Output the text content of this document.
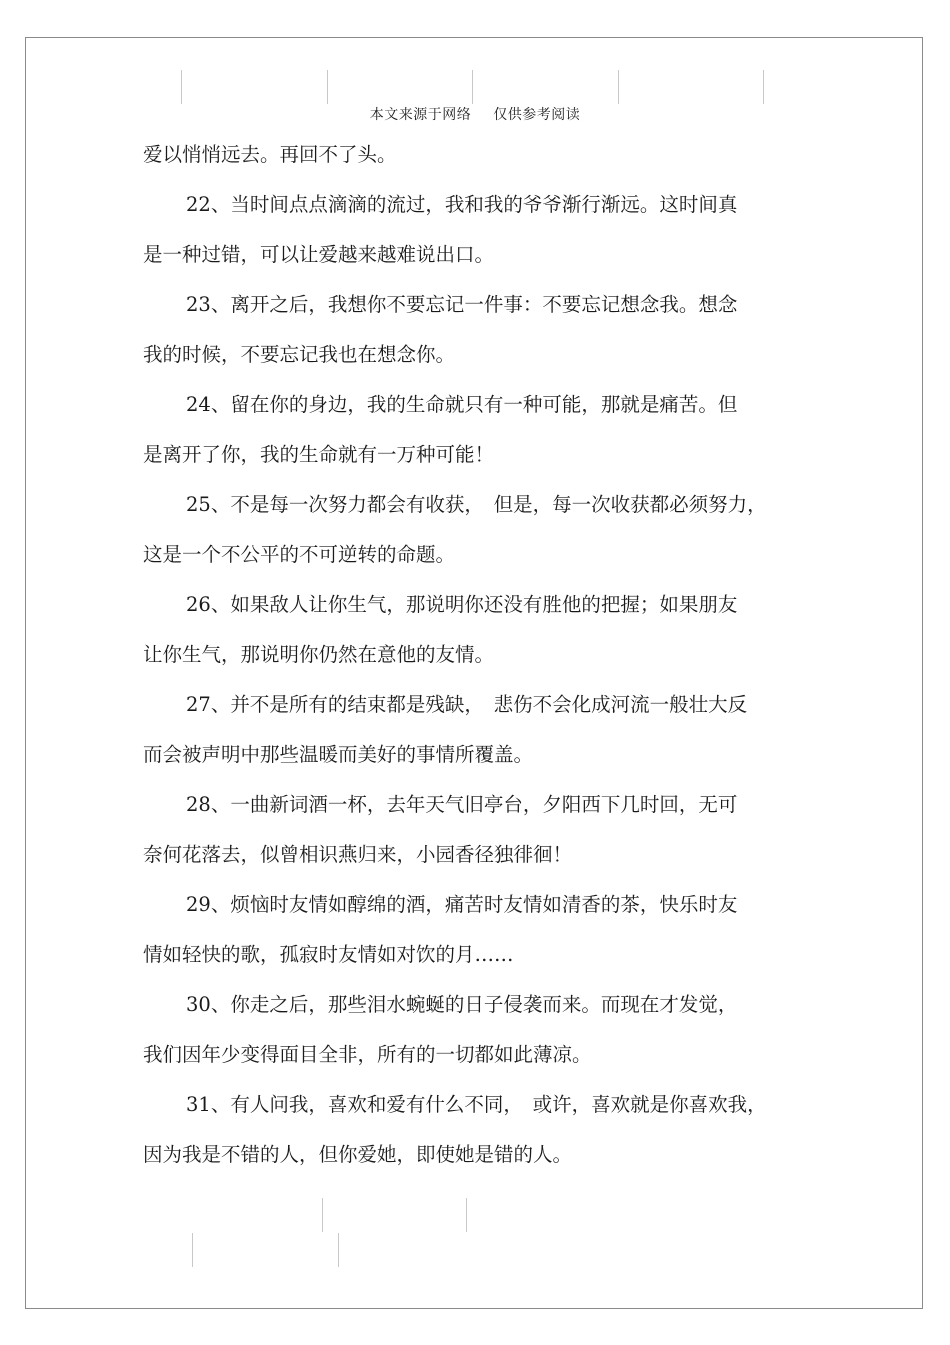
本文来源于网络 仅供参考阅读

爱以悄悄远去。再回不了头。

22、当时间点点滴滴的流过，我和我的爷爷渐行渐远。这时间真

是一种过错，可以让爱越来越难说出口。

23、离开之后，我想你不要忘记一件事：不要忘记想念我。想念

我的时候，不要忘记我也在想念你。

24、留在你的身边，我的生命就只有一种可能，那就是痛苦。但

是离开了你，我的生命就有一万种可能！

25、不是每一次努力都会有收获，　但是，每一次收获都必须努力，

这是一个不公平的不可逆转的命题。

26、如果敌人让你生气，那说明你还没有胜他的把握；如果朋友

让你生气，那说明你仍然在意他的友情。

27、并不是所有的结束都是残缺，　悲伤不会化成河流一般壮大反

而会被声明中那些温暖而美好的事情所覆盖。

28、一曲新词酒一杯，去年天气旧亭台，夕阳西下几时回，无可

奈何花落去，似曾相识燕归来，小园香径独徘徊！

29、烦恼时友情如醇绵的酒，痛苦时友情如清香的茶，快乐时友

情如轻快的歌，孤寂时友情如对饮的月……

30、你走之后，那些泪水蜿蜒的日子侵袭而来。而现在才发觉，

我们因年少变得面目全非，所有的一切都如此薄凉。

31、有人问我，喜欢和爱有什么不同，　或许，喜欢就是你喜欢我，

因为我是不错的人，但你爱她，即使她是错的人。
